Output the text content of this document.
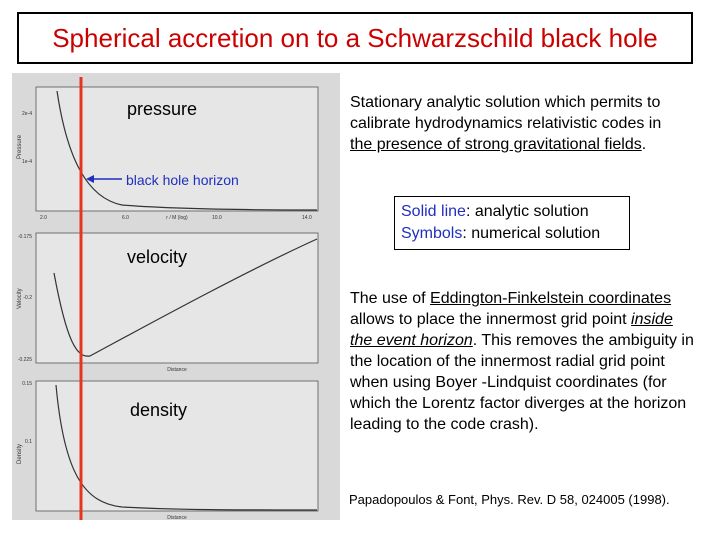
Spherical accretion on to a Schwarzschild black hole
Pressure
2e-4
1e-4
r / M (log)
Velocity
-0.175
-0.2
-0.225
Distance
Density
0.15
0.1
Distance
2.0	6.0	10.0	14.0
pressure
black hole horizon
velocity
density
Stationary analytic solution which permits to
calibrate hydrodynamics relativistic codes in
the presence of strong gravitational fields.
Solid line: analytic solution
Symbols: numerical solution
The use of Eddington-Finkelstein coordinates allows to place the innermost grid point inside the event horizon. This removes the ambiguity in the location of the innermost radial grid point when using Boyer -Lindquist coordinates (for which the Lorentz factor diverges at the horizon leading to the code crash).
Papadopoulos & Font, Phys. Rev. D 58, 024005 (1998).
